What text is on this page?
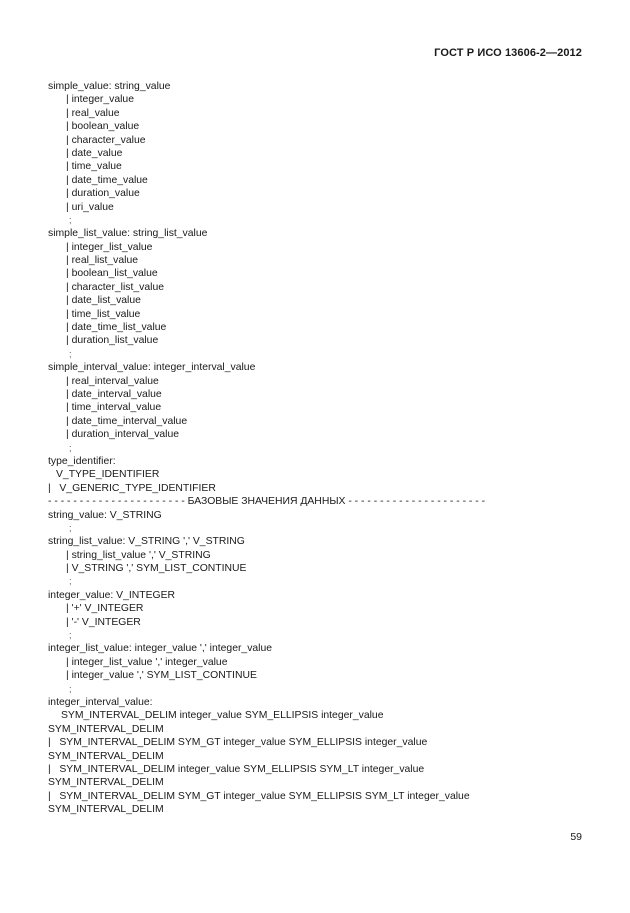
ГОСТ Р ИСО 13606-2—2012
simple_value: string_value
| integer_value
| real_value
| boolean_value
| character_value
| date_value
| time_value
| date_time_value
| duration_value
| uri_value
;
simple_list_value: string_list_value
| integer_list_value
| real_list_value
| boolean_list_value
| character_list_value
| date_list_value
| time_list_value
| date_time_list_value
| duration_list_value
;
simple_interval_value: integer_interval_value
| real_interval_value
| date_interval_value
| time_interval_value
| date_time_interval_value
| duration_interval_value
;
type_identifier:
V_TYPE_IDENTIFIER
|   V_GENERIC_TYPE_IDENTIFIER
- - - - - - - - - - - - - - - - - - - - - - БАЗОВЫЕ ЗНАЧЕНИЯ ДАННЫХ - - - - - - - - - - - - - - - - - - - - - -
string_value: V_STRING
;
string_list_value: V_STRING ',' V_STRING
| string_list_value ',' V_STRING
| V_STRING ',' SYM_LIST_CONTINUE
;
integer_value: V_INTEGER
| '+' V_INTEGER
| '-' V_INTEGER
;
integer_list_value: integer_value ',' integer_value
| integer_list_value ',' integer_value
| integer_value ',' SYM_LIST_CONTINUE
;
integer_interval_value:
SYM_INTERVAL_DELIM integer_value SYM_ELLIPSIS integer_value
SYM_INTERVAL_DELIM
|   SYM_INTERVAL_DELIM SYM_GT integer_value SYM_ELLIPSIS integer_value
SYM_INTERVAL_DELIM
|   SYM_INTERVAL_DELIM integer_value SYM_ELLIPSIS SYM_LT integer_value
SYM_INTERVAL_DELIM
|   SYM_INTERVAL_DELIM SYM_GT integer_value SYM_ELLIPSIS SYM_LT integer_value
SYM_INTERVAL_DELIM
59
